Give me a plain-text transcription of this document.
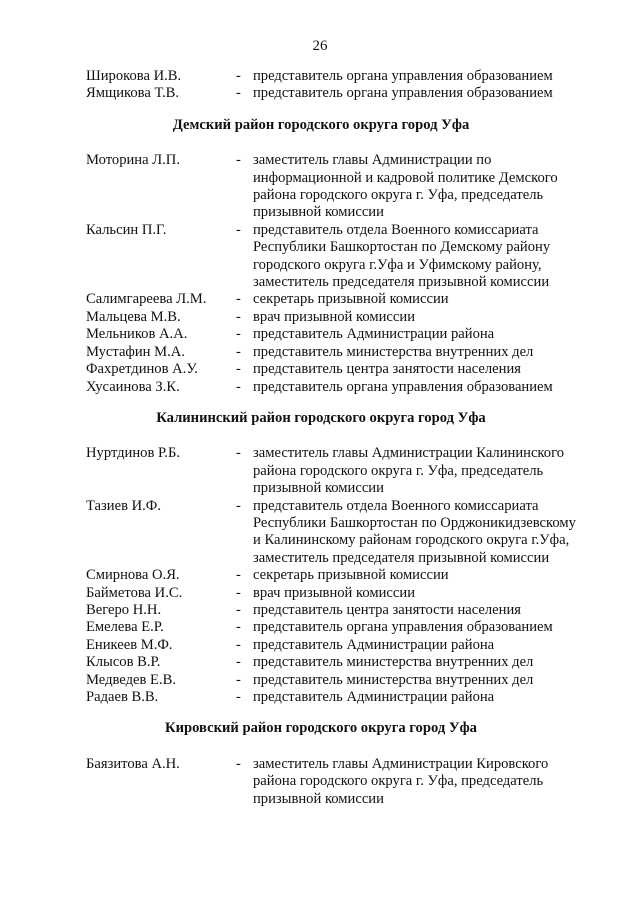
26
Широкова И.В.	- представитель органа управления образованием
Ямщикова Т.В.	- представитель органа управления образованием
Демский район городского округа город Уфа
Моторина Л.П.	- заместитель главы Администрации по
информационной и кадровой политике Демского
района городского округа г. Уфа, председатель
призывной комиссии
Кальсин П.Г.	- представитель отдела Военного комиссариата
Республики Башкортостан по Демскому району
городского округа г.Уфа и Уфимскому району,
заместитель председателя призывной комиссии
Салимгареева Л.М.	- секретарь призывной комиссии
Мальцева М.В.	- врач призывной комиссии
Мельников А.А.	- представитель Администрации района
Мустафин М.А.	- представитель министерства внутренних дел
Фахретдинов А.У.	- представитель центра занятости населения
Хусаинова З.К.	- представитель органа управления образованием
Калининский район городского округа город Уфа
Нуртдинов Р.Б.	- заместитель главы Администрации Калининского
района городского округа г. Уфа, председатель
призывной комиссии
Тазиев И.Ф.	- представитель отдела Военного комиссариата
Республики Башкортостан по Орджоникидзевскому
и Калининскому районам городского округа г.Уфа,
заместитель председателя призывной комиссии
Смирнова О.Я.	- секретарь призывной комиссии
Байметова И.С.	- врач призывной комиссии
Вегеро Н.Н.	- представитель центра занятости населения
Емелева Е.Р.	- представитель органа управления образованием
Еникеев М.Ф.	- представитель Администрации района
Клысов В.Р.	- представитель министерства внутренних дел
Медведев Е.В.	- представитель министерства внутренних дел
Радаев В.В.	- представитель Администрации района
Кировский район городского округа город Уфа
Баязитова А.Н.	- заместитель главы Администрации Кировского
района городского округа г. Уфа, председатель
призывной комиссии
